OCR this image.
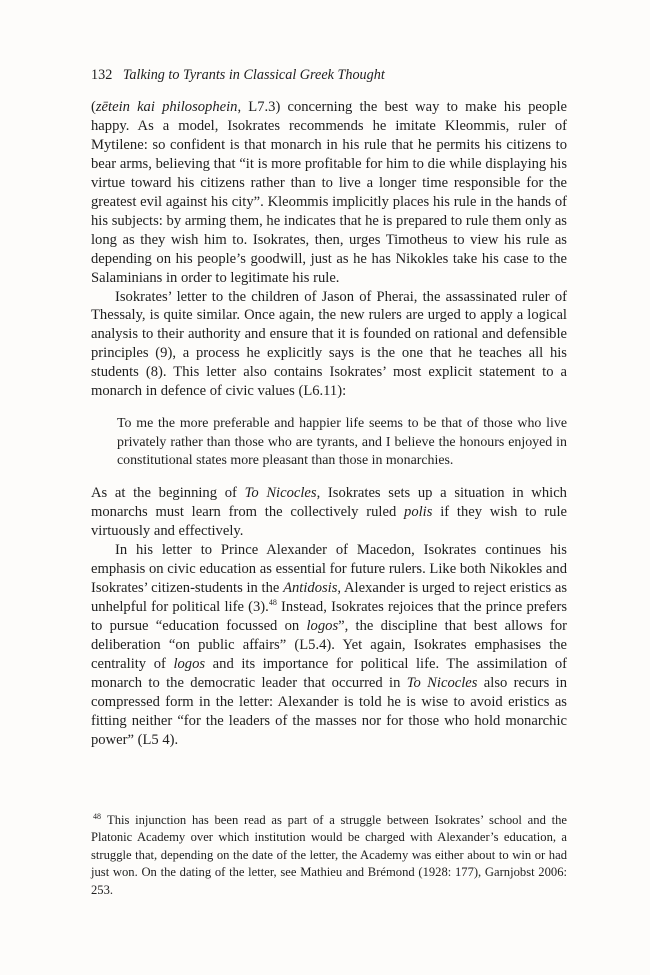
132 Talking to Tyrants in Classical Greek Thought

(zētein kai philosophein, L7.3) concerning the best way to make his people happy. As a model, Isokrates recommends he imitate Kleommis, ruler of Mytilene: so confident is that monarch in his rule that he permits his citizens to bear arms, believing that “it is more profitable for him to die while displaying his virtue toward his citizens rather than to live a longer time responsible for the greatest evil against his city”. Kleommis implicitly places his rule in the hands of his subjects: by arming them, he indicates that he is prepared to rule them only as long as they wish him to. Isokrates, then, urges Timotheus to view his rule as depending on his people’s goodwill, just as he has Nikokles take his case to the Salaminians in order to legitimate his rule.

Isokrates’ letter to the children of Jason of Pherai, the assassinated ruler of Thessaly, is quite similar. Once again, the new rulers are urged to apply a logical analysis to their authority and ensure that it is founded on rational and defensible principles (9), a process he explicitly says is the one that he teaches all his students (8). This letter also contains Isokrates’ most explicit statement to a monarch in defence of civic values (L6.11):

To me the more preferable and happier life seems to be that of those who live privately rather than those who are tyrants, and I believe the honours enjoyed in constitutional states more pleasant than those in monarchies.

As at the beginning of To Nicocles, Isokrates sets up a situation in which monarchs must learn from the collectively ruled polis if they wish to rule virtuously and effectively.

In his letter to Prince Alexander of Macedon, Isokrates continues his emphasis on civic education as essential for future rulers. Like both Nikokles and Isokrates’ citizen-students in the Antidosis, Alexander is urged to reject eristics as unhelpful for political life (3).$^{48}$ Instead, Isokrates rejoices that the prince prefers to pursue “education focussed on logos”, the discipline that best allows for deliberation “on public affairs” (L5.4). Yet again, Isokrates emphasises the centrality of logos and its importance for political life. The assimilation of monarch to the democratic leader that occurred in To Nicocles also recurs in compressed form in the letter: Alexander is told he is wise to avoid eristics as fitting neither “for the leaders of the masses nor for those who hold monarchic power” (L5 4).

$^{48}$ This injunction has been read as part of a struggle between Isokrates’ school and the Platonic Academy over which institution would be charged with Alexander’s education, a struggle that, depending on the date of the letter, the Academy was either about to win or had just won. On the dating of the letter, see Mathieu and Brémond (1928: 177), Garnjobst 2006: 253.
